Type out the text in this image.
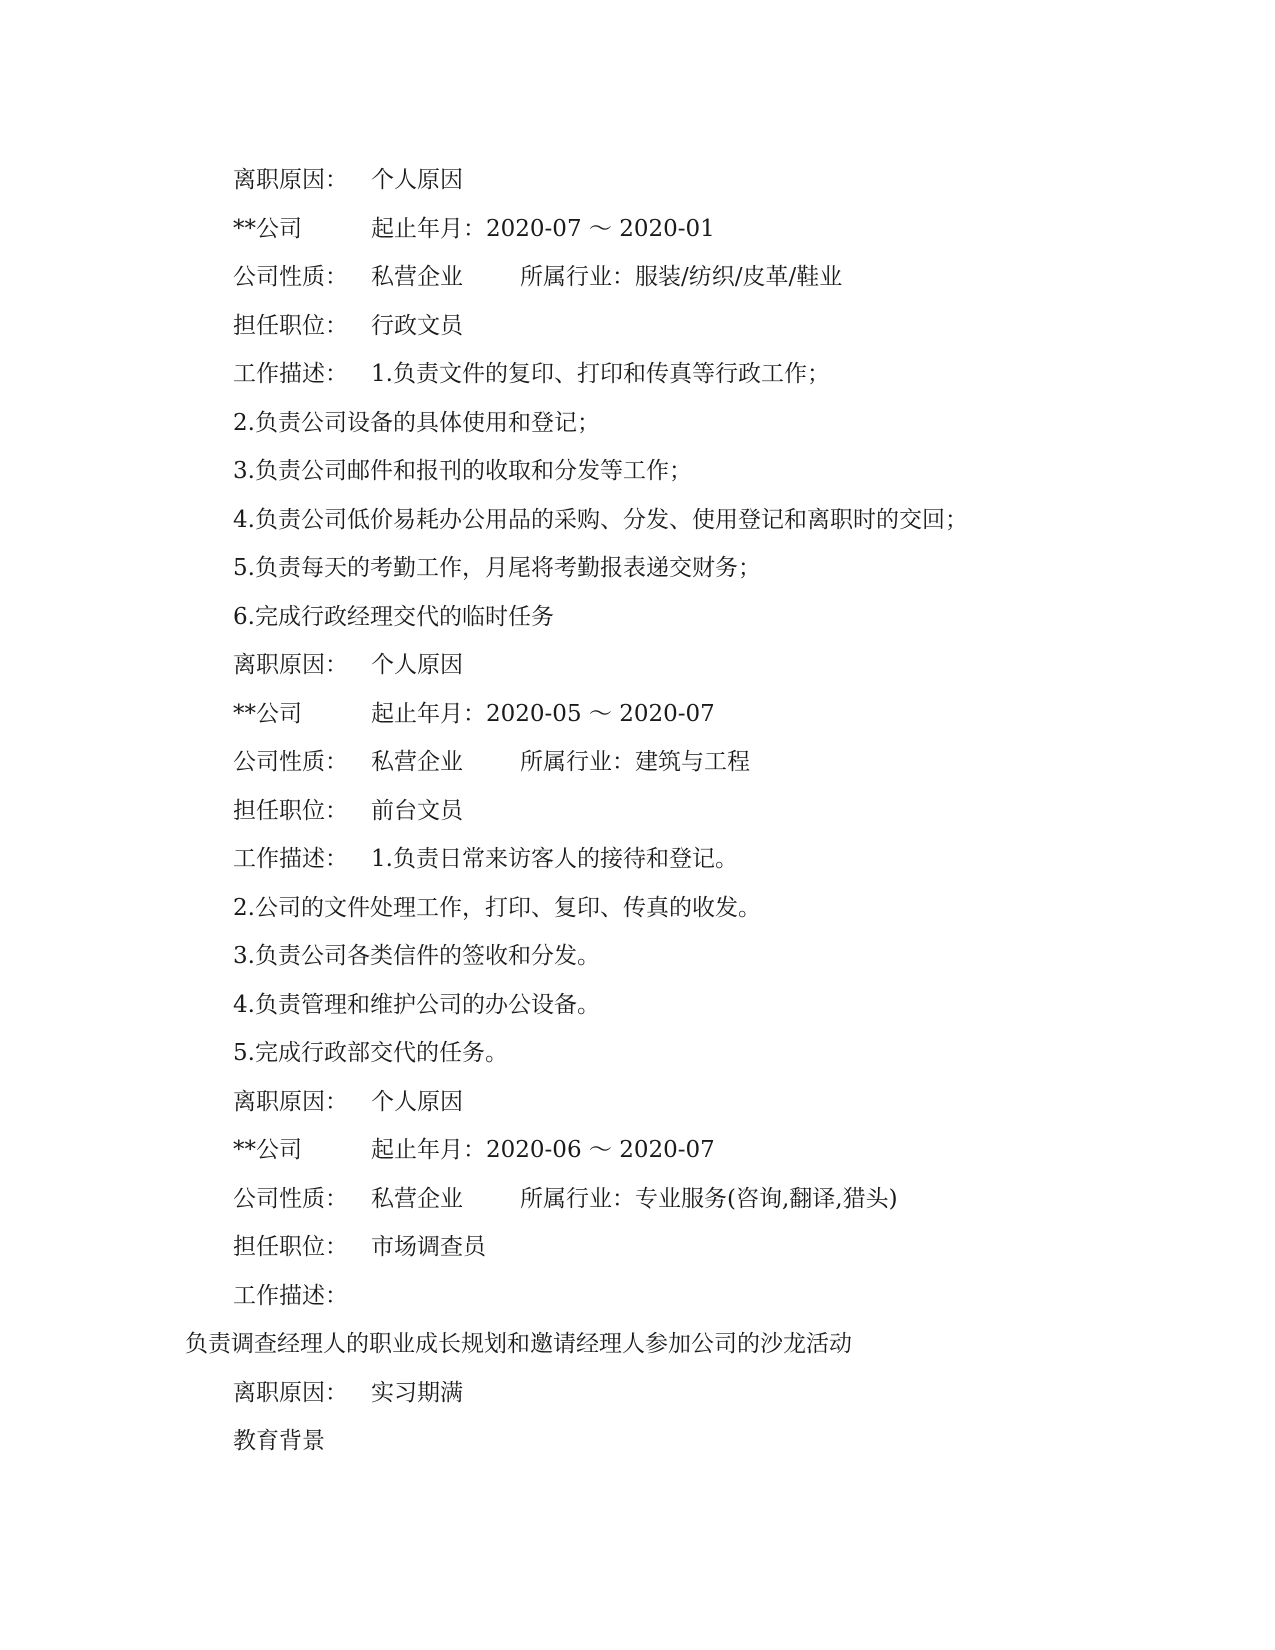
离职原因： 个人原因
**公司	起止年月：2020-07 ～ 2020-01
公司性质： 私营企业 所属行业：服装/纺织/皮革/鞋业
担任职位： 行政文员
工作描述： 1.负责文件的复印、打印和传真等行政工作；
2.负责公司设备的具体使用和登记；
3.负责公司邮件和报刊的收取和分发等工作；
4.负责公司低价易耗办公用品的采购、分发、使用登记和离职时的交回；
5.负责每天的考勤工作，月尾将考勤报表递交财务；
6.完成行政经理交代的临时任务
离职原因： 个人原因
**公司	起止年月：2020-05 ～ 2020-07
公司性质： 私营企业 所属行业：建筑与工程
担任职位： 前台文员
工作描述： 1.负责日常来访客人的接待和登记。
2.公司的文件处理工作，打印、复印、传真的收发。
3.负责公司各类信件的签收和分发。
4.负责管理和维护公司的办公设备。
5.完成行政部交代的任务。
离职原因： 个人原因
**公司	起止年月：2020-06 ～ 2020-07
公司性质： 私营企业 所属行业：专业服务(咨询,翻译,猎头)
担任职位： 市场调查员
工作描述：
负责调查经理人的职业成长规划和邀请经理人参加公司的沙龙活动
离职原因： 实习期满
教育背景
